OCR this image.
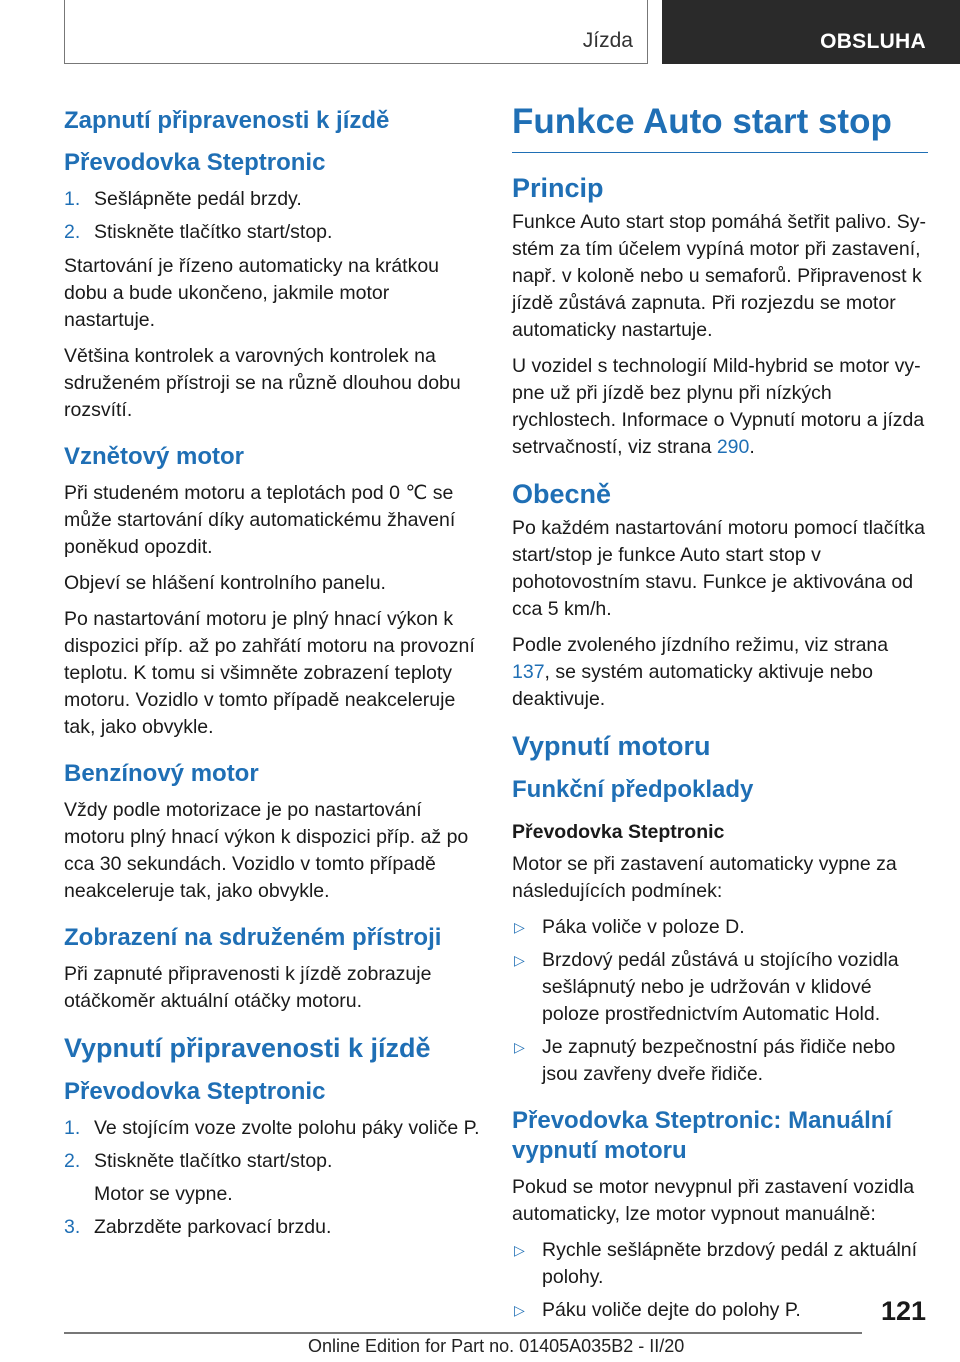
Jízda	OBSLUHA
Zapnutí připravenosti k jízdě
Převodovka Steptronic
1. Sešlápněte pedál brzdy.
2. Stiskněte tlačítko start/stop.

Startování je řízeno automaticky na krátkou dobu a bude ukončeno, jakmile motor nastartuje.

Většina kontrolek a varovných kontrolek na sdruženém přístroji se na různě dlouhou dobu rozsvítí.

Vznětový motor

Při studeném motoru a teplotách pod 0 ℃ se může startování díky automatickému žhavení poněkud opozdit.

Objeví se hlášení kontrolního panelu.

Po nastartování motoru je plný hnací výkon k dispozici příp. až po zahřátí motoru na provozní teplotu. K tomu si všimněte zobrazení teploty motoru. Vozidlo v tomto případě neakceleruje tak, jako obvykle.

Benzínový motor

Vždy podle motorizace je po nastartování motoru plný hnací výkon k dispozici příp. až po cca 30 sekundách. Vozidlo v tomto případě neakceleruje tak, jako obvykle.

Zobrazení na sdruženém přístroji

Při zapnuté připravenosti k jízdě zobrazuje otáčkoměr aktuální otáčky motoru.

Vypnutí připravenosti k jízdě
Převodovka Steptronic
1. Ve stojícím voze zvolte polohu páky voliče P.
2. Stiskněte tlačítko start/stop.
Motor se vypne.
3. Zabrzděte parkovací brzdu.
Funkce Auto start stop
Princip

Funkce Auto start stop pomáhá šetřit palivo. Systém za tím účelem vypíná motor při zastavení, např. v koloně nebo u semaforů. Připravenost k jízdě zůstává zapnuta. Při rozjezdu se motor automaticky nastartuje.

U vozidel s technologií Mild-hybrid se motor vypne už při jízdě bez plynu při nízkých rychlostech. Informace o Vypnutí motoru a jízda setrvačností, viz strana 290.

Obecně

Po každém nastartování motoru pomocí tlačítka start/stop je funkce Auto start stop v pohotovostním stavu. Funkce je aktivována od cca 5 km/h.

Podle zvoleného jízdního režimu, viz strana 137, se systém automaticky aktivuje nebo deaktivuje.

Vypnutí motoru
Funkční předpoklady
Převodovka Steptronic

Motor se při zastavení automaticky vypne za následujících podmínek:

▷ Páka voliče v poloze D.
▷ Brzdový pedál zůstává u stojícího vozidla sešlápnutý nebo je udržován v klidové poloze prostřednictvím Automatic Hold.
▷ Je zapnutý bezpečnostní pás řidiče nebo jsou zavřeny dveře řidiče.
Převodovka Steptronic: Manuální vypnutí motoru

Pokud se motor nevypnul při zastavení vozidla automaticky, lze motor vypnout manuálně:

▷ Rychle sešlápněte brzdový pedál z aktuální polohy.
▷ Páku voliče dejte do polohy P.	121
Online Edition for Part no. 01405A035B2 - II/20
